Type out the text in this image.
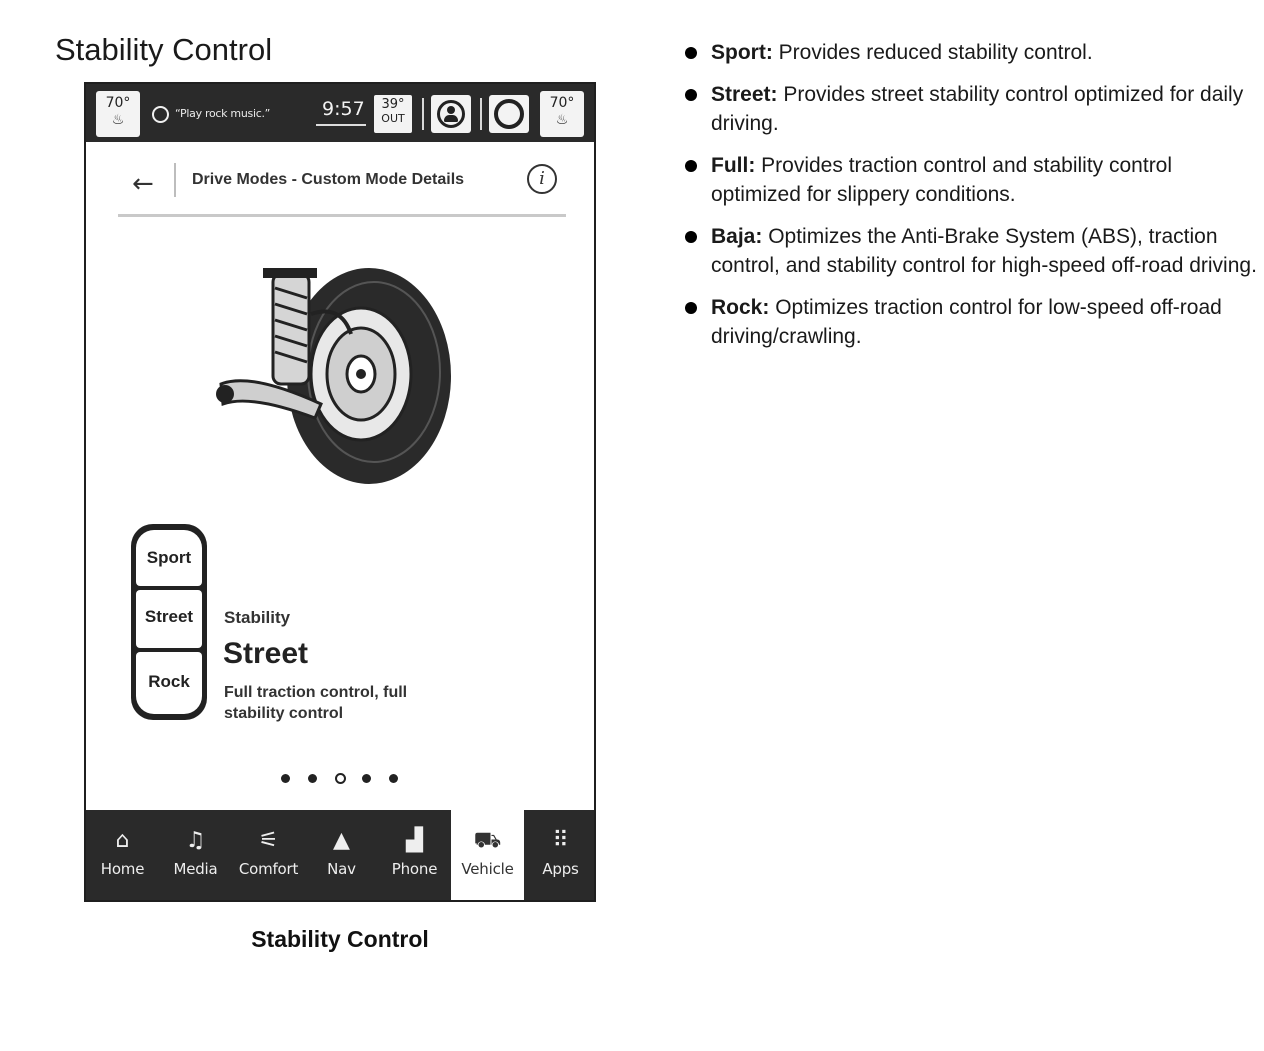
Stability Control
70°
♨	“Play rock music.”	9:57	39°
OUT
70°
♨
← Drive Modes - Custom Mode Details	i
Sport
Street
Rock
Stability
Street

Full traction control, full stability control

⌂
Home
♫
Media
⚟
Comfort
▲
Nav
▟
Phone
⛟
Vehicle
⠿
Apps
Stability Control
Sport: Provides reduced stability control.
Street: Provides street stability control optimized for daily driving.
Full: Provides traction control and stability control optimized for slippery conditions.
Baja: Optimizes the Anti-Brake System (ABS), traction control, and stability control for high-speed off-road driving.
Rock: Optimizes traction control for low-speed off-road driving/crawling.
